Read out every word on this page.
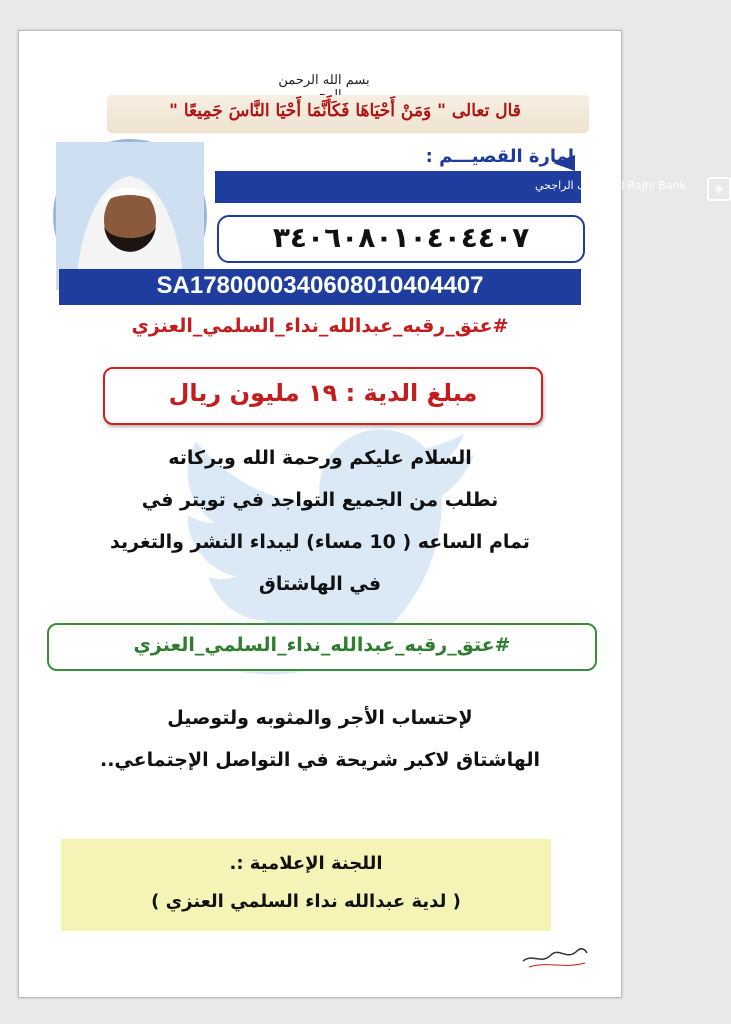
بسم الله الرحمن
قال تعالى " وَمَنْ أَحْيَاهَا فَكَأَنَّمَا أَحْيَا النَّاسَ جَمِيعًا "
إمارة القصيـــم :
مصرف الراجحي Al Rajhi Bank	◈
٣٤٠٦٠٨٠١٠٤٠٤٤٠٧
SA1780000340608010404407
#عتق_رقبه_عبدالله_نداء_السلمي_العنزي
مبلغ الدية : ١٩ مليون ريال
السلام عليكم ورحمة الله وبركاته
نطلب من الجميع التواجد في تويتر في
تمام الساعه ( 10 مساء) ليبداء النشر والتغريد
في الهاشتاق
#عتق_رقبه_عبدالله_نداء_السلمي_العنزي
لإحتساب الأجر والمثوبه ولتوصيل
الهاشتاق لاكبر شريحة في التواصل الإجتماعي..
اللجنة الإعلامية :.
( لدية عبدالله نداء السلمي العنزي )
